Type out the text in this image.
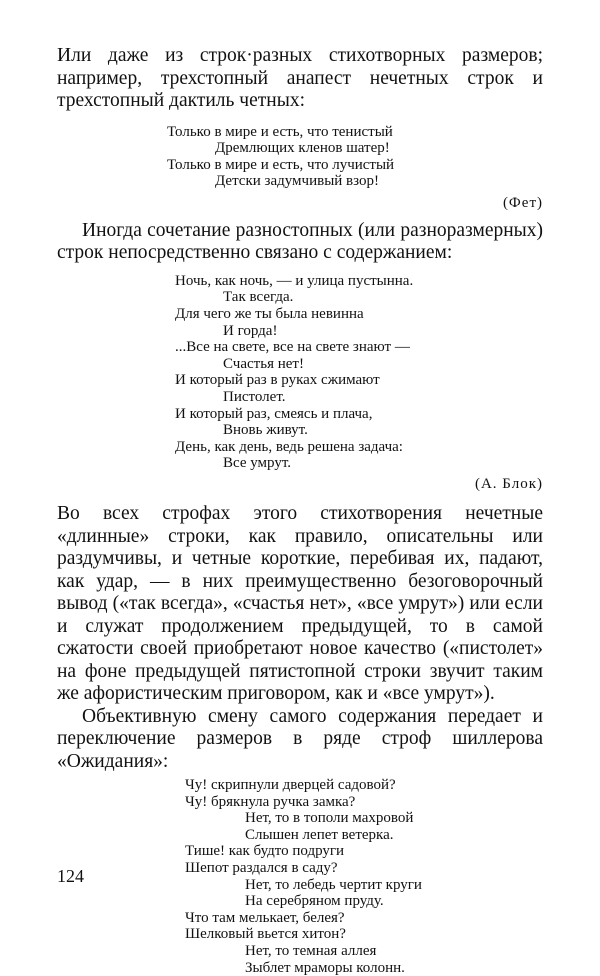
Или даже из строк·разных стихотворных размеров; например, трехстопный анапест нечетных строк и трехстопный дактиль четных:

Только в мире и есть, что тенистый
Дремлющих кленов шатер!
Только в мире и есть, что лучистый
Детски задумчивый взор!

(Фет)

Иногда сочетание разностопных (или разноразмерных) строк непосредственно связано с содержанием:

Ночь, как ночь, — и улица пустынна.
Так всегда.
Для чего же ты была невинна
И горда!
...Все на свете, все на свете знают —
Счастья нет!
И который раз в руках сжимают
Пистолет.
И который раз, смеясь и плача,
Вновь живут.
День, как день, ведь решена задача:
Все умрут.

(А. Блок)

Во всех строфах этого стихотворения нечетные «длинные» строки, как правило, описательны или раздумчивы, и четные короткие, перебивая их, падают, как удар, — в них преимущественно безоговорочный вывод («так всегда», «счастья нет», «все умрут») или если и служат продолжением предыдущей, то в самой сжатости своей приобретают новое качество («пистолет» на фоне предыдущей пятистопной строки звучит таким же афористическим приговором, как и «все умрут»).

Объективную смену самого содержания передает и переключение размеров в ряде строф шиллерова «Ожидания»:

Чу! скрипнули дверцей садовой?
Чу! брякнула ручка замка?
Нет, то в тополи махровой
Слышен лепет ветерка.
Тише! как будто подруги
Шепот раздался в саду?
Нет, то лебедь чертит круги
На серебряном пруду.
Что там мелькает, белея?
Шелковый вьется хитон?
Нет, то темная аллея
Зыблет мраморы колонн.
124
